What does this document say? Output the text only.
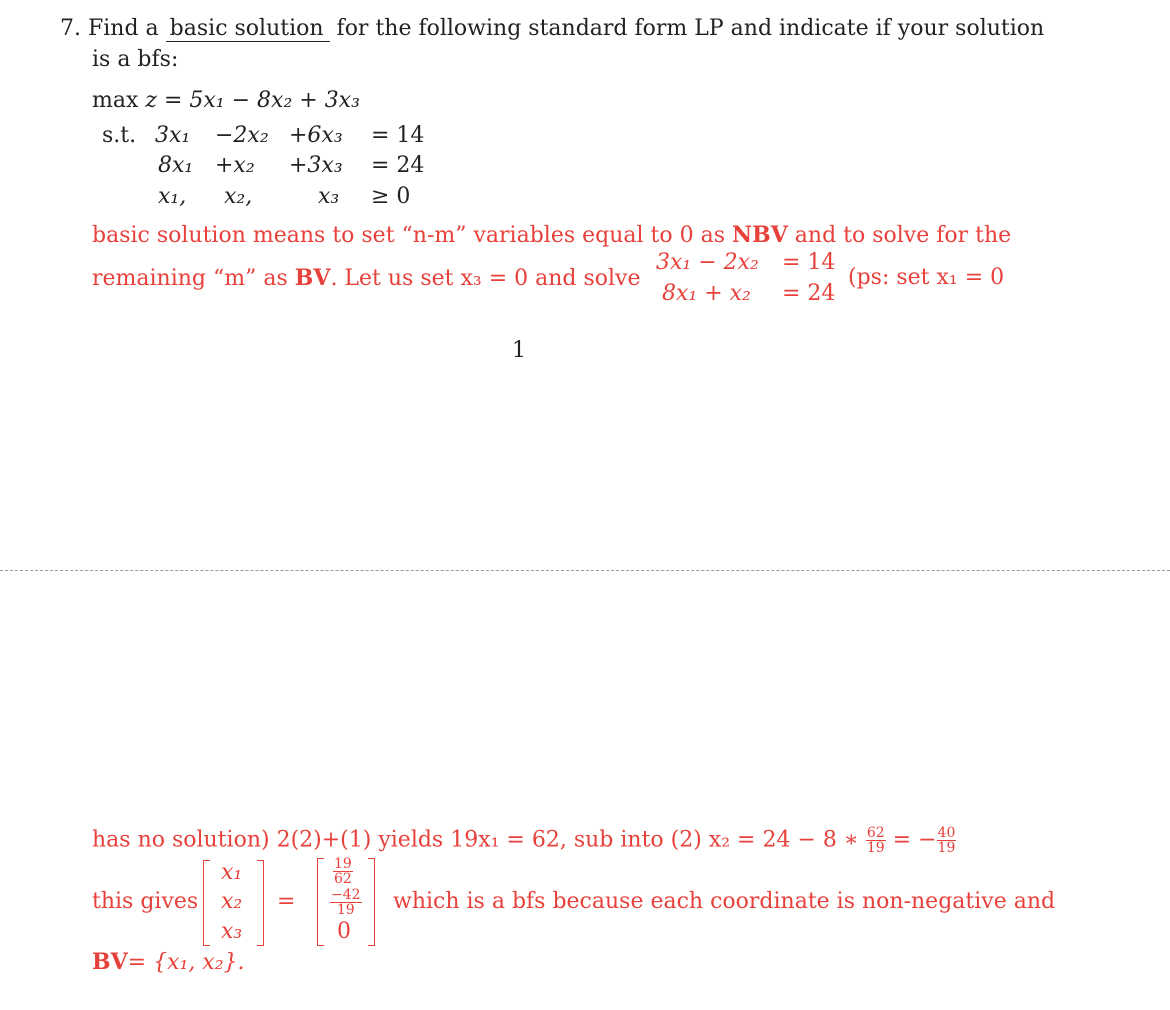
7. Find a basic solution for the following standard form LP and indicate if your solution
is a bfs:
max z = 5x₁ − 8x₂ + 3x₃
s.t. 3x₁ −2x₂ +6x₃ = 14
8x₁ +x₂ +3x₃ = 24
x₁, x₂,	x₃ ≥ 0
basic solution means to set “n-m” variables equal to 0 as NBV and to solve for the
remaining “m” as BV. Let us set x₃ = 0 and solve
3x₁ − 2x₂ = 14
8x₁ + x₂ = 24
(ps: set x₁ = 0
1
has no solution) 2(2)+(1) yields 19x₁ = 62, sub into (2) x₂ = 24 − 8 ∗ $\frac{62}{19}$ = − $\frac{40}{19}$
this gives
x₁
x₂
x₃
=
$\frac{19}{62}$
$\frac{-42}{19}$
0
which is a bfs because each coordinate is non-negative and
BV= {x₁, x₂}.
